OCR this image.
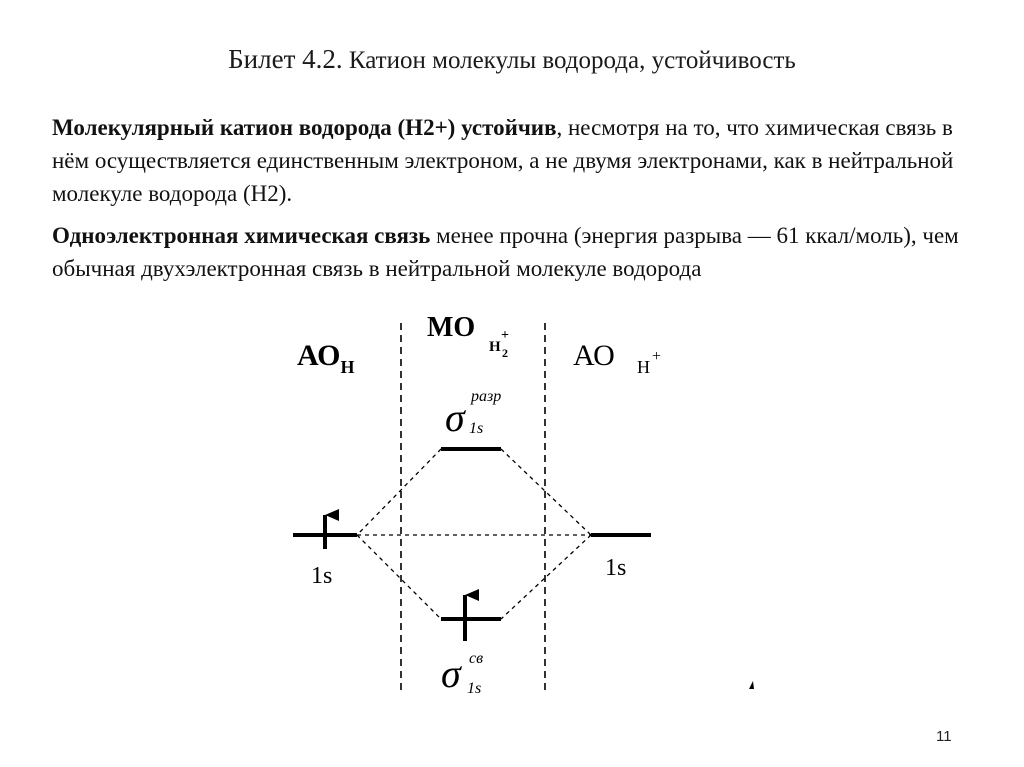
Билет 4.2. Катион молекулы водорода, устойчивость
Молекулярный катион водорода (Н2+) устойчив, несмотря на то, что химическая связь в нём осуществляется единственным электроном, а не двумя электронами, как в нейтральной молекуле водорода (Н2).
Одноэлектронная химическая связь менее прочна (энергия разрыва — 61 ккал/моль), чем обычная двухэлектронная связь в нейтральной молекуле водорода
$АО_H$
МО
H 2
+
АО H
+
σ разр
1s
1s	1s
σ св
1s
11
